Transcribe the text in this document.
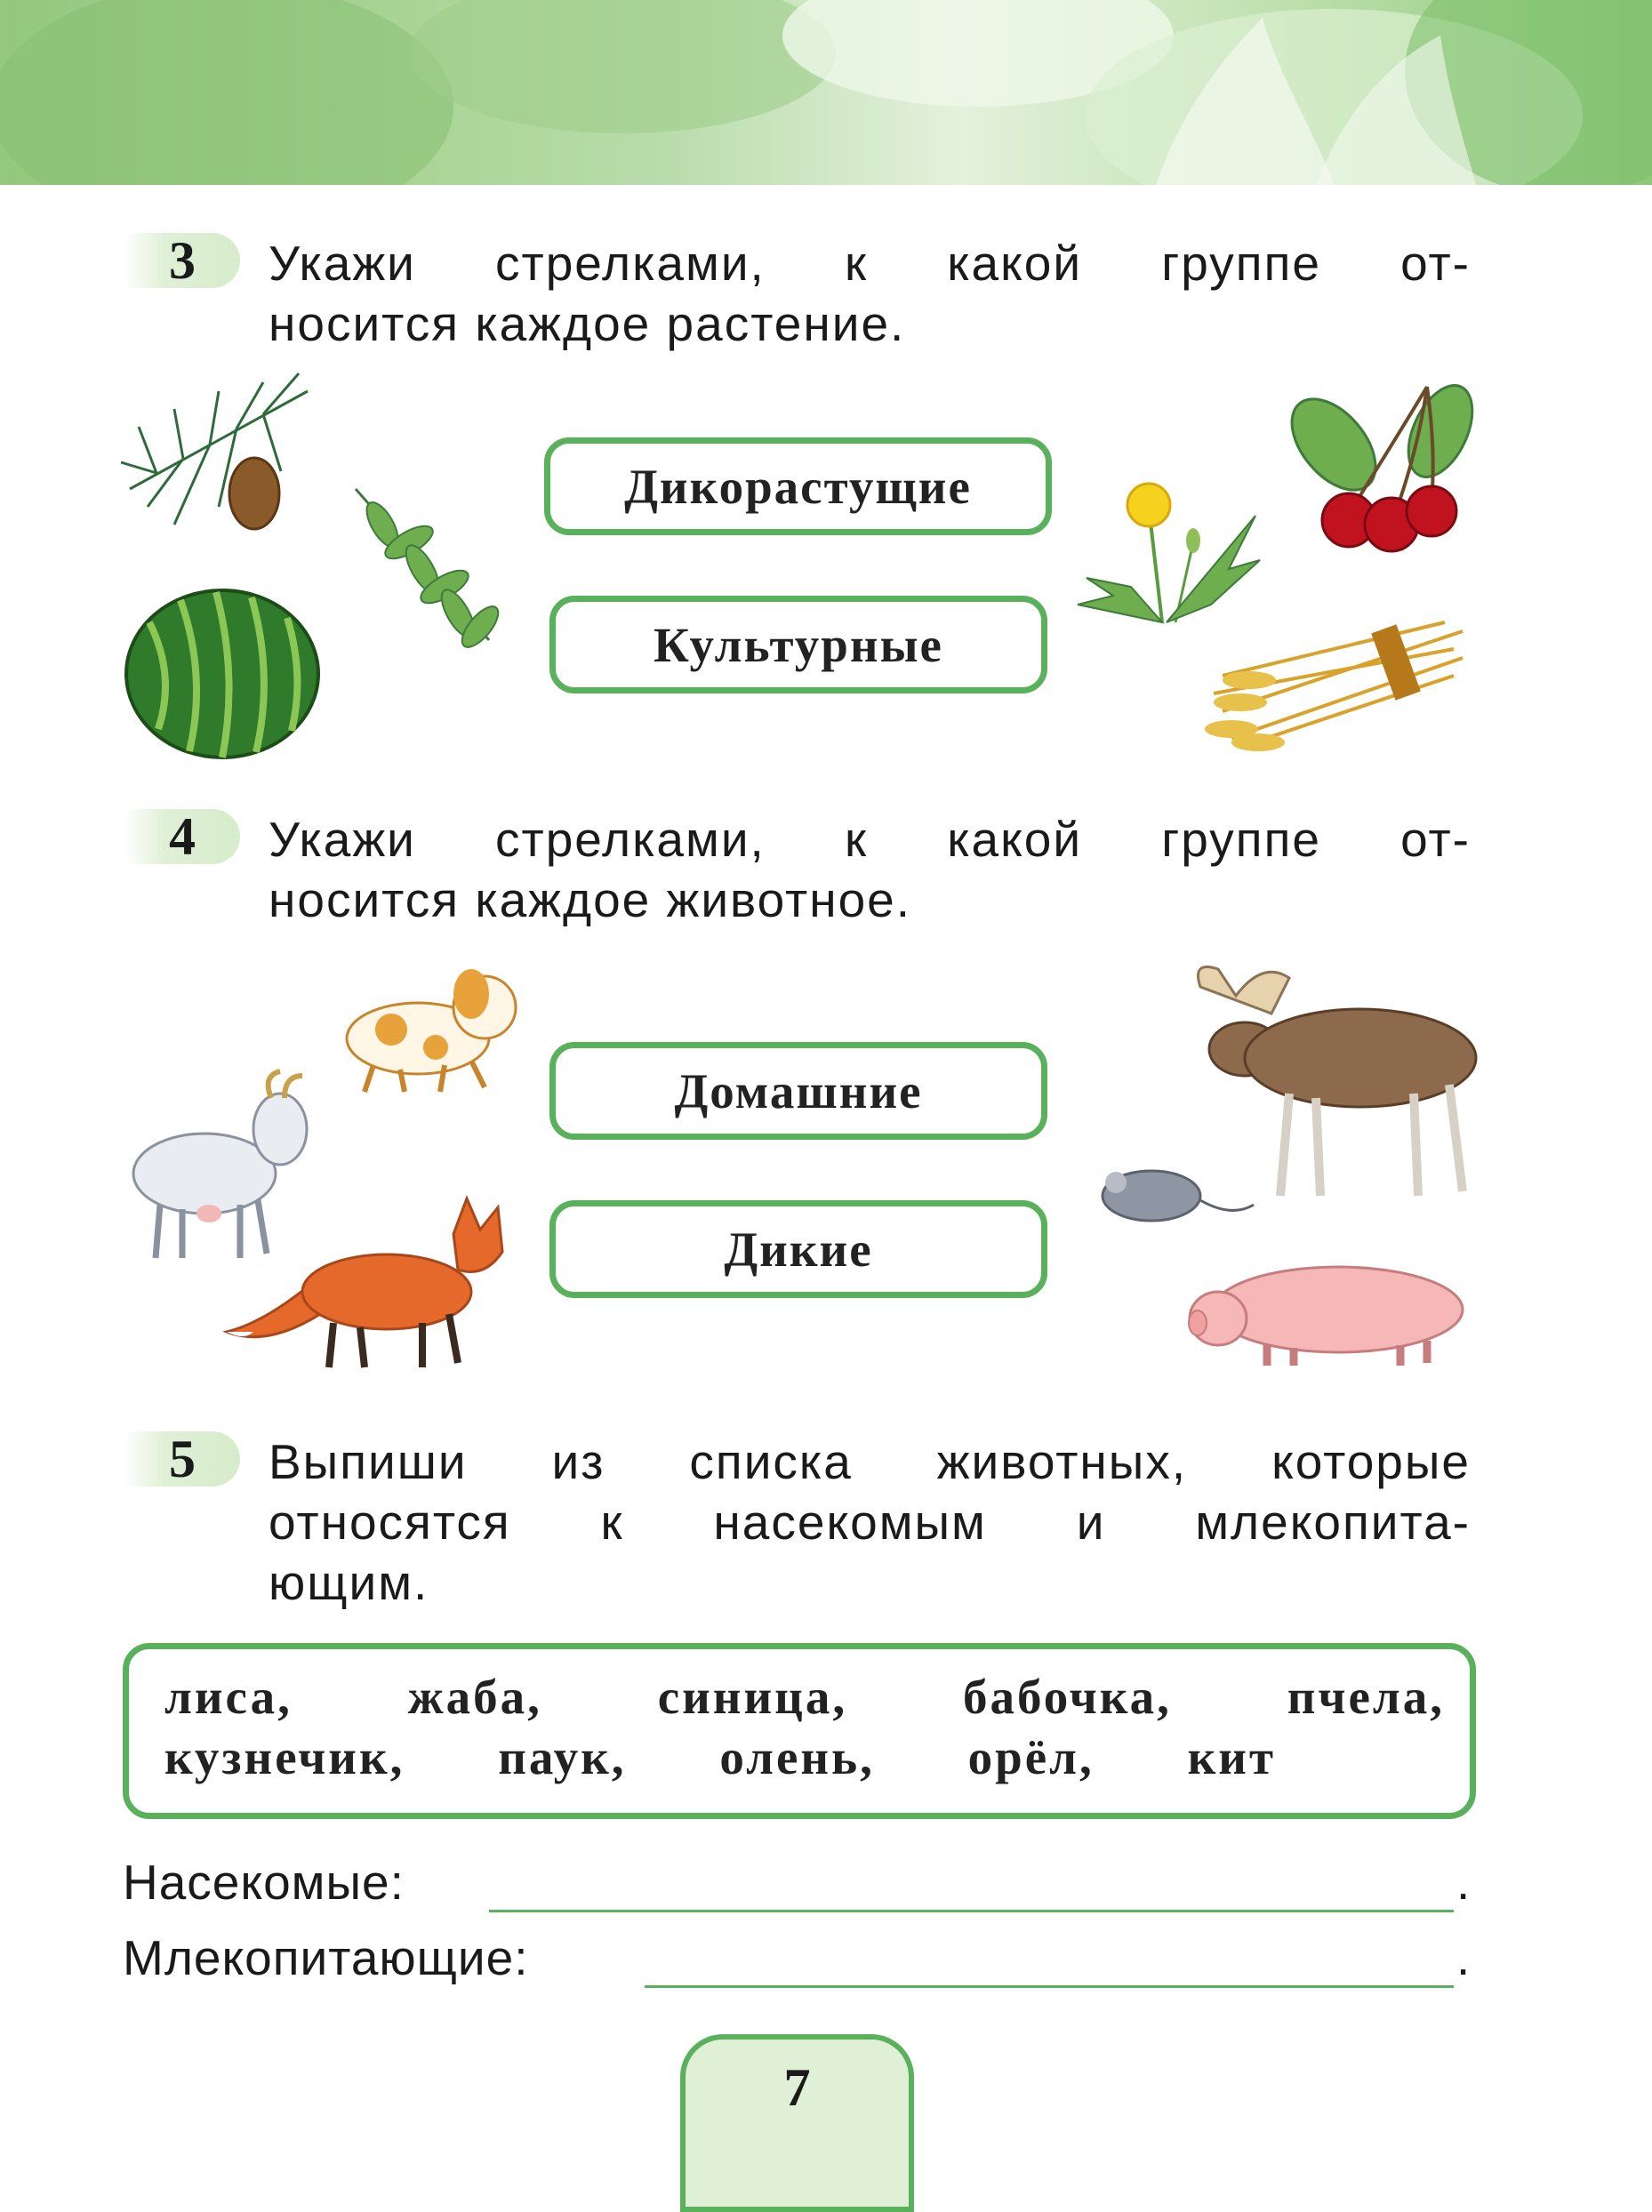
3	Укажи стрелками, к какой группе от-
носится каждое растение.
Дикорастущие
Культурные
4	Укажи стрелками, к какой группе от-
носится каждое животное.
Домашние
Дикие
5	Выпиши из списка животных, которые
относятся к насекомым и млекопита-
ющим.
лиса, жаба, синица, бабочка, пчела,
кузнечик, паук, олень, орёл, кит
Насекомые:	.
Млекопитающие:	.
7
